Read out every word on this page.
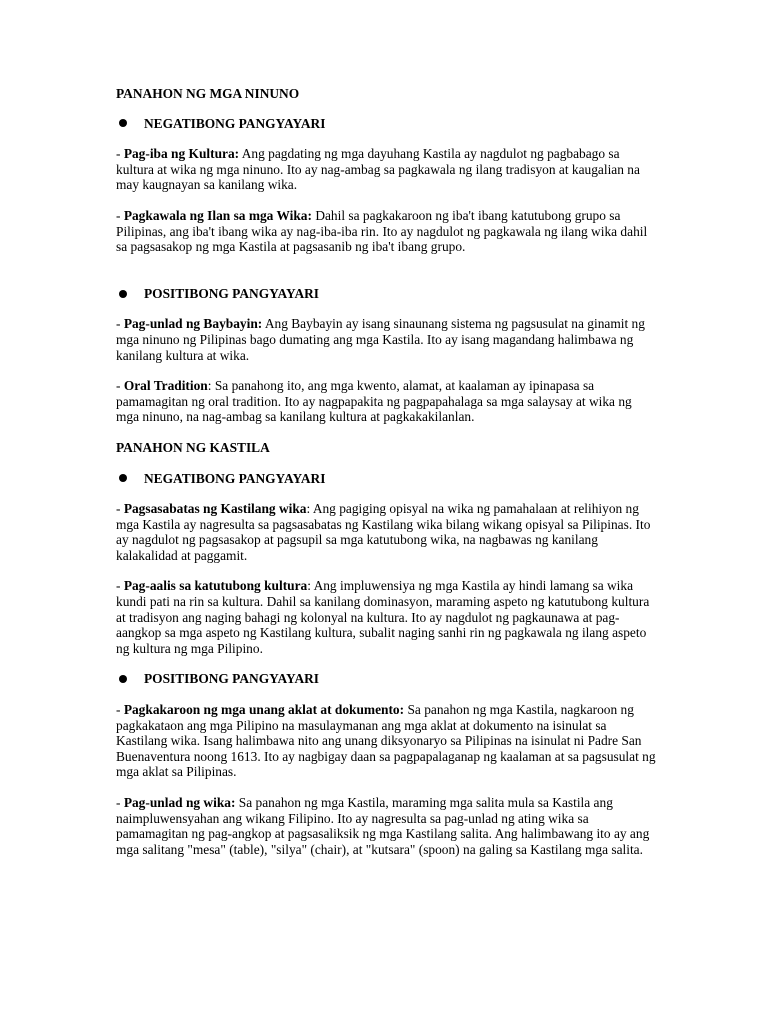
PANAHON NG MGA NINUNO

NEGATIBONG PANGYAYARI

- Pag-iba ng Kultura: Ang pagdating ng mga dayuhang Kastila ay nagdulot ng pagbabago sa kultura at wika ng mga ninuno. Ito ay nag-ambag sa pagkawala ng ilang tradisyon at kaugalian na may kaugnayan sa kanilang wika.

- Pagkawala ng Ilan sa mga Wika: Dahil sa pagkakaroon ng iba't ibang katutubong grupo sa Pilipinas, ang iba't ibang wika ay nag-iba-iba rin. Ito ay nagdulot ng pagkawala ng ilang wika dahil sa pagsasakop ng mga Kastila at pagsasanib ng iba't ibang grupo.

POSITIBONG PANGYAYARI

- Pag-unlad ng Baybayin: Ang Baybayin ay isang sinaunang sistema ng pagsusulat na ginamit ng mga ninuno ng Pilipinas bago dumating ang mga Kastila. Ito ay isang magandang halimbawa ng kanilang kultura at wika.

- Oral Tradition: Sa panahong ito, ang mga kwento, alamat, at kaalaman ay ipinapasa sa pamamagitan ng oral tradition. Ito ay nagpapakita ng pagpapahalaga sa mga salaysay at wika ng mga ninuno, na nag-ambag sa kanilang kultura at pagkakakilanlan.

PANAHON NG KASTILA

NEGATIBONG PANGYAYARI

- Pagsasabatas ng Kastilang wika: Ang pagiging opisyal na wika ng pamahalaan at relihiyon ng mga Kastila ay nagresulta sa pagsasabatas ng Kastilang wika bilang wikang opisyal sa Pilipinas. Ito ay nagdulot ng pagsasakop at pagsupil sa mga katutubong wika, na nagbawas ng kanilang kalakalidad at paggamit.

- Pag-aalis sa katutubong kultura: Ang impluwensiya ng mga Kastila ay hindi lamang sa wika kundi pati na rin sa kultura. Dahil sa kanilang dominasyon, maraming aspeto ng katutubong kultura at tradisyon ang naging bahagi ng kolonyal na kultura. Ito ay nagdulot ng pagkaunawa at pag-aangkop sa mga aspeto ng Kastilang kultura, subalit naging sanhi rin ng pagkawala ng ilang aspeto ng kultura ng mga Pilipino.

POSITIBONG PANGYAYARI

- Pagkakaroon ng mga unang aklat at dokumento: Sa panahon ng mga Kastila, nagkaroon ng pagkakataon ang mga Pilipino na masulaymanan ang mga aklat at dokumento na isinulat sa Kastilang wika. Isang halimbawa nito ang unang diksyonaryo sa Pilipinas na isinulat ni Padre San Buenaventura noong 1613. Ito ay nagbigay daan sa pagpapalaganap ng kaalaman at sa pagsusulat ng mga aklat sa Pilipinas.

- Pag-unlad ng wika: Sa panahon ng mga Kastila, maraming mga salita mula sa Kastila ang naimpluwensyahan ang wikang Filipino. Ito ay nagresulta sa pag-unlad ng ating wika sa pamamagitan ng pag-angkop at pagsasaliksik ng mga Kastilang salita. Ang halimbawang ito ay ang mga salitang "mesa" (table), "silya" (chair), at "kutsara" (spoon) na galing sa Kastilang mga salita.
